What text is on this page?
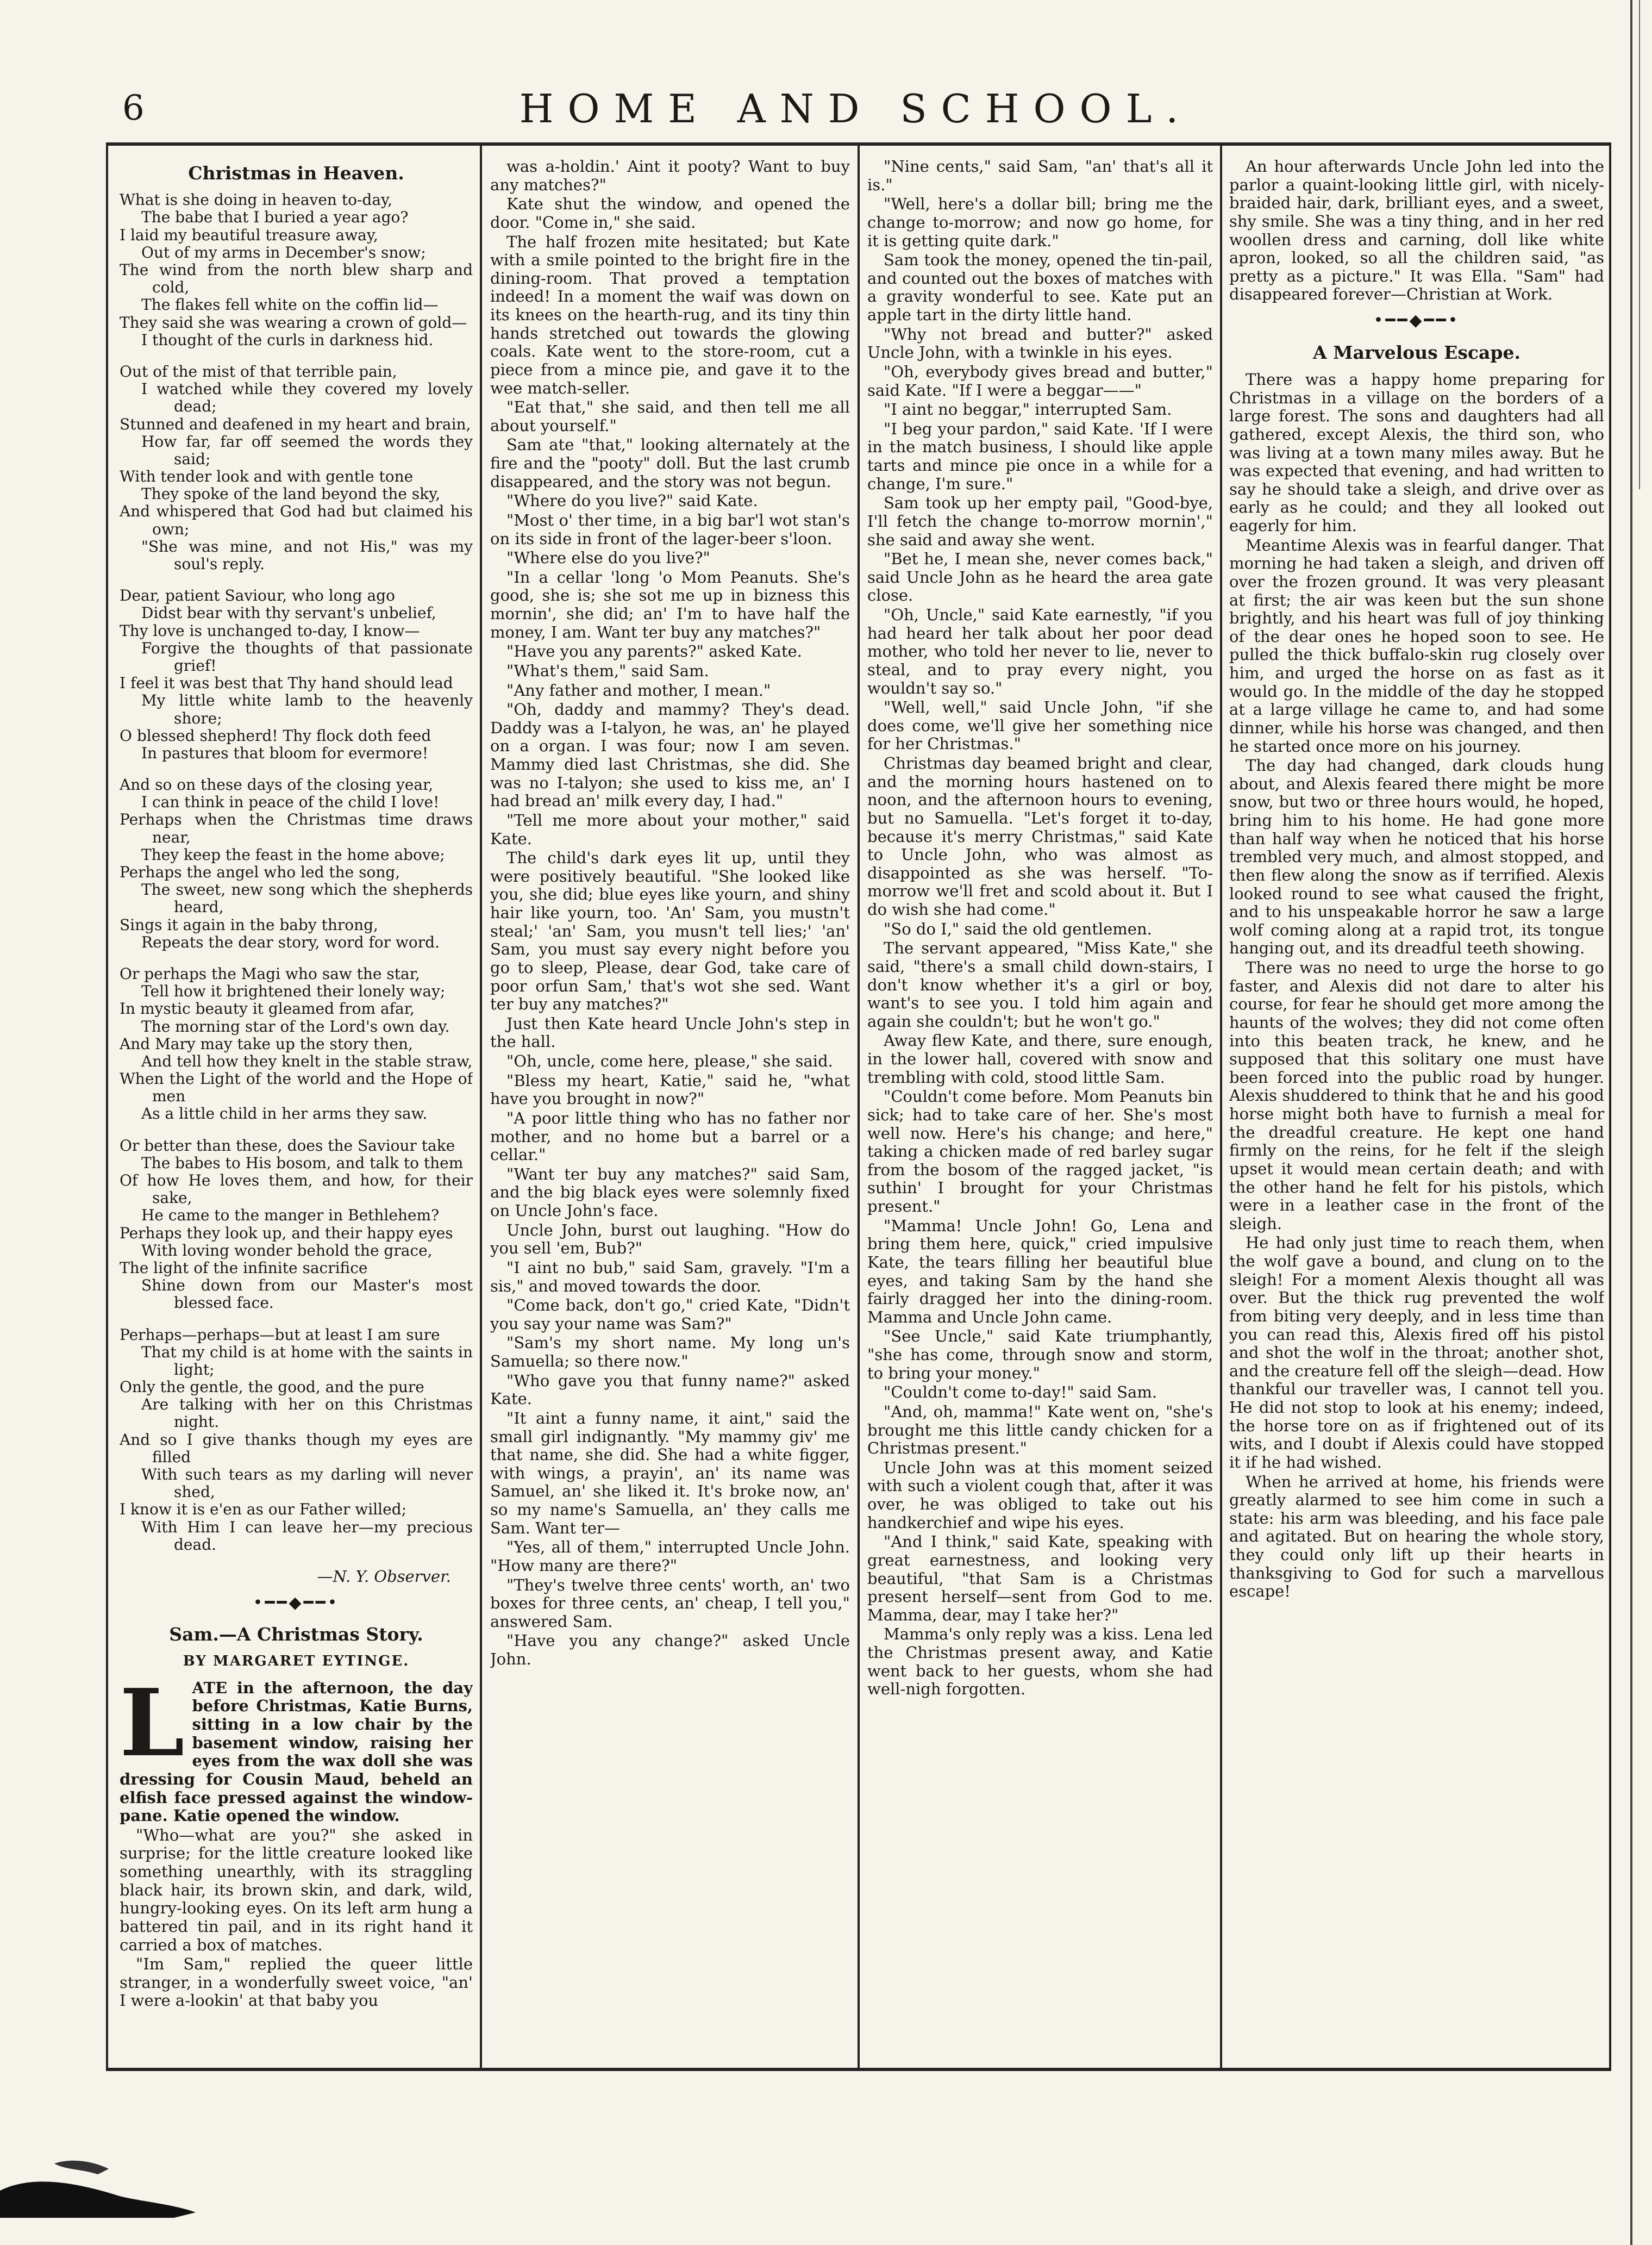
6	HOME AND SCHOOL.
Christmas in Heaven.
What is she doing in heaven to-day,
The babe that I buried a year ago?
I laid my beautiful treasure away,
Out of my arms in December's snow;
The wind from the north blew sharp and cold,
The flakes fell white on the coffin lid—
They said she was wearing a crown of gold—
I thought of the curls in darkness hid.
Out of the mist of that terrible pain,
I watched while they covered my lovely dead;
Stunned and deafened in my heart and brain,
How far, far off seemed the words they said;
With tender look and with gentle tone
They spoke of the land beyond the sky,
And whispered that God had but claimed his own;
"She was mine, and not His," was my soul's reply.
Dear, patient Saviour, who long ago
Didst bear with thy servant's unbelief,
Thy love is unchanged to-day, I know—
Forgive the thoughts of that passionate grief!
I feel it was best that Thy hand should lead
My little white lamb to the heavenly shore;
O blessed shepherd! Thy flock doth feed
In pastures that bloom for evermore!
And so on these days of the closing year,
I can think in peace of the child I love!
Perhaps when the Christmas time draws near,
They keep the feast in the home above;
Perhaps the angel who led the song,
The sweet, new song which the shepherds heard,
Sings it again in the baby throng,
Repeats the dear story, word for word.
Or perhaps the Magi who saw the star,
Tell how it brightened their lonely way;
In mystic beauty it gleamed from afar,
The morning star of the Lord's own day.
And Mary may take up the story then,
And tell how they knelt in the stable straw,
When the Light of the world and the Hope of men
As a little child in her arms they saw.
Or better than these, does the Saviour take
The babes to His bosom, and talk to them
Of how He loves them, and how, for their sake,
He came to the manger in Bethlehem?
Perhaps they look up, and their happy eyes
With loving wonder behold the grace,
The light of the infinite sacrifice
Shine down from our Master's most blessed face.
Perhaps—perhaps—but at least I am sure
That my child is at home with the saints in light;
Only the gentle, the good, and the pure
Are talking with her on this Christmas night.
And so I give thanks though my eyes are filled
With such tears as my darling will never shed,
I know it is e'en as our Father willed;
With Him I can leave her—my precious dead.
—N. Y. Observer.
•━━◆━━•
Sam.—A Christmas Story.
BY MARGARET EYTINGE.

L ATE in the afternoon, the day before Christmas, Katie Burns, sitting in a low chair by the basement window, raising her eyes from the wax doll she was dressing for Cousin Maud, beheld an elfish face pressed against the window-pane. Katie opened the window.

"Who—what are you?" she asked in surprise; for the little creature looked like something unearthly, with its straggling black hair, its brown skin, and dark, wild, hungry-looking eyes. On its left arm hung a battered tin pail, and in its right hand it carried a box of matches.

"Im Sam," replied the queer little stranger, in a wonderfully sweet voice, "an' I were a-lookin' at that baby you

was a-holdin.' Aint it pooty? Want to buy any matches?"

Kate shut the window, and opened the door. "Come in," she said.

The half frozen mite hesitated; but Kate with a smile pointed to the bright fire in the dining-room. That proved a temptation indeed! In a moment the waif was down on its knees on the hearth-rug, and its tiny thin hands stretched out towards the glowing coals. Kate went to the store-room, cut a piece from a mince pie, and gave it to the wee match-seller.

"Eat that," she said, and then tell me all about yourself."

Sam ate "that," looking alternately at the fire and the "pooty" doll. But the last crumb disappeared, and the story was not begun.

"Where do you live?" said Kate.

"Most o' ther time, in a big bar'l wot stan's on its side in front of the lager-beer s'loon.

"Where else do you live?"

"In a cellar 'long 'o Mom Peanuts. She's good, she is; she sot me up in bizness this mornin', she did; an' I'm to have half the money, I am. Want ter buy any matches?"

"Have you any parents?" asked Kate.

"What's them," said Sam.

"Any father and mother, I mean."

"Oh, daddy and mammy? They's dead. Daddy was a I-talyon, he was, an' he played on a organ. I was four; now I am seven. Mammy died last Christmas, she did. She was no I-talyon; she used to kiss me, an' I had bread an' milk every day, I had."

"Tell me more about your mother," said Kate.

The child's dark eyes lit up, until they were positively beautiful. "She looked like you, she did; blue eyes like yourn, and shiny hair like yourn, too. 'An' Sam, you mustn't steal;' 'an' Sam, you musn't tell lies;' 'an' Sam, you must say every night before you go to sleep, Please, dear God, take care of poor orfun Sam,' that's wot she sed. Want ter buy any matches?"

Just then Kate heard Uncle John's step in the hall.

"Oh, uncle, come here, please," she said.

"Bless my heart, Katie," said he, "what have you brought in now?"

"A poor little thing who has no father nor mother, and no home but a barrel or a cellar."

"Want ter buy any matches?" said Sam, and the big black eyes were solemnly fixed on Uncle John's face.

Uncle John, burst out laughing. "How do you sell 'em, Bub?"

"I aint no bub," said Sam, gravely. "I'm a sis," and moved towards the door.

"Come back, don't go," cried Kate, "Didn't you say your name was Sam?"

"Sam's my short name. My long un's Samuella; so there now."

"Who gave you that funny name?" asked Kate.

"It aint a funny name, it aint," said the small girl indignantly. "My mammy giv' me that name, she did. She had a white figger, with wings, a prayin', an' its name was Samuel, an' she liked it. It's broke now, an' so my name's Samuella, an' they calls me Sam. Want ter—

"Yes, all of them," interrupted Uncle John. "How many are there?"

"They's twelve three cents' worth, an' two boxes for three cents, an' cheap, I tell you," answered Sam.

"Have you any change?" asked Uncle John.

"Nine cents," said Sam, "an' that's all it is."

"Well, here's a dollar bill; bring me the change to-morrow; and now go home, for it is getting quite dark."

Sam took the money, opened the tin-pail, and counted out the boxes of matches with a gravity wonderful to see. Kate put an apple tart in the dirty little hand.

"Why not bread and butter?" asked Uncle John, with a twinkle in his eyes.

"Oh, everybody gives bread and butter," said Kate. "If I were a beggar——"

"I aint no beggar," interrupted Sam.

"I beg your pardon," said Kate. 'If I were in the match business, I should like apple tarts and mince pie once in a while for a change, I'm sure."

Sam took up her empty pail, "Good-bye, I'll fetch the change to-morrow mornin'," she said and away she went.

"Bet he, I mean she, never comes back," said Uncle John as he heard the area gate close.

"Oh, Uncle," said Kate earnestly, "if you had heard her talk about her poor dead mother, who told her never to lie, never to steal, and to pray every night, you wouldn't say so."

"Well, well," said Uncle John, "if she does come, we'll give her something nice for her Christmas."

Christmas day beamed bright and clear, and the morning hours hastened on to noon, and the afternoon hours to evening, but no Samuella. "Let's forget it to-day, because it's merry Christmas," said Kate to Uncle John, who was almost as disappointed as she was herself. "To-morrow we'll fret and scold about it. But I do wish she had come."

"So do I," said the old gentlemen.

The servant appeared, "Miss Kate," she said, "there's a small child down-stairs, I don't know whether it's a girl or boy, want's to see you. I told him again and again she couldn't; but he won't go."

Away flew Kate, and there, sure enough, in the lower hall, covered with snow and trembling with cold, stood little Sam.

"Couldn't come before. Mom Peanuts bin sick; had to take care of her. She's most well now. Here's his change; and here," taking a chicken made of red barley sugar from the bosom of the ragged jacket, "is suthin' I brought for your Christmas present."

"Mamma! Uncle John! Go, Lena and bring them here, quick," cried impulsive Kate, the tears filling her beautiful blue eyes, and taking Sam by the hand she fairly dragged her into the dining-room. Mamma and Uncle John came.

"See Uncle," said Kate triumphantly, "she has come, through snow and storm, to bring your money."

"Couldn't come to-day!" said Sam.

"And, oh, mamma!" Kate went on, "she's brought me this little candy chicken for a Christmas present."

Uncle John was at this moment seized with such a violent cough that, after it was over, he was obliged to take out his handkerchief and wipe his eyes.

"And I think," said Kate, speaking with great earnestness, and looking very beautiful, "that Sam is a Christmas present herself—sent from God to me. Mamma, dear, may I take her?"

Mamma's only reply was a kiss. Lena led the Christmas present away, and Katie went back to her guests, whom she had well-nigh forgotten.

An hour afterwards Uncle John led into the parlor a quaint-looking little girl, with nicely-braided hair, dark, brilliant eyes, and a sweet, shy smile. She was a tiny thing, and in her red woollen dress and carning, doll like white apron, looked, so all the children said, "as pretty as a picture." It was Ella. "Sam" had disappeared forever—Christian at Work.

•━━◆━━•
A Marvelous Escape.

There was a happy home preparing for Christmas in a village on the borders of a large forest. The sons and daughters had all gathered, except Alexis, the third son, who was living at a town many miles away. But he was expected that evening, and had written to say he should take a sleigh, and drive over as early as he could; and they all looked out eagerly for him.

Meantime Alexis was in fearful danger. That morning he had taken a sleigh, and driven off over the frozen ground. It was very pleasant at first; the air was keen but the sun shone brightly, and his heart was full of joy thinking of the dear ones he hoped soon to see. He pulled the thick buffalo-skin rug closely over him, and urged the horse on as fast as it would go. In the middle of the day he stopped at a large village he came to, and had some dinner, while his horse was changed, and then he started once more on his journey.

The day had changed, dark clouds hung about, and Alexis feared there might be more snow, but two or three hours would, he hoped, bring him to his home. He had gone more than half way when he noticed that his horse trembled very much, and almost stopped, and then flew along the snow as if terrified. Alexis looked round to see what caused the fright, and to his unspeakable horror he saw a large wolf coming along at a rapid trot, its tongue hanging out, and its dreadful teeth showing.

There was no need to urge the horse to go faster, and Alexis did not dare to alter his course, for fear he should get more among the haunts of the wolves; they did not come often into this beaten track, he knew, and he supposed that this solitary one must have been forced into the public road by hunger. Alexis shuddered to think that he and his good horse might both have to furnish a meal for the dreadful creature. He kept one hand firmly on the reins, for he felt if the sleigh upset it would mean certain death; and with the other hand he felt for his pistols, which were in a leather case in the front of the sleigh.

He had only just time to reach them, when the wolf gave a bound, and clung on to the sleigh! For a moment Alexis thought all was over. But the thick rug prevented the wolf from biting very deeply, and in less time than you can read this, Alexis fired off his pistol and shot the wolf in the throat; another shot, and the creature fell off the sleigh—dead. How thankful our traveller was, I cannot tell you. He did not stop to look at his enemy; indeed, the horse tore on as if frightened out of its wits, and I doubt if Alexis could have stopped it if he had wished.

When he arrived at home, his friends were greatly alarmed to see him come in such a state: his arm was bleeding, and his face pale and agitated. But on hearing the whole story, they could only lift up their hearts in thanksgiving to God for such a marvellous escape!
